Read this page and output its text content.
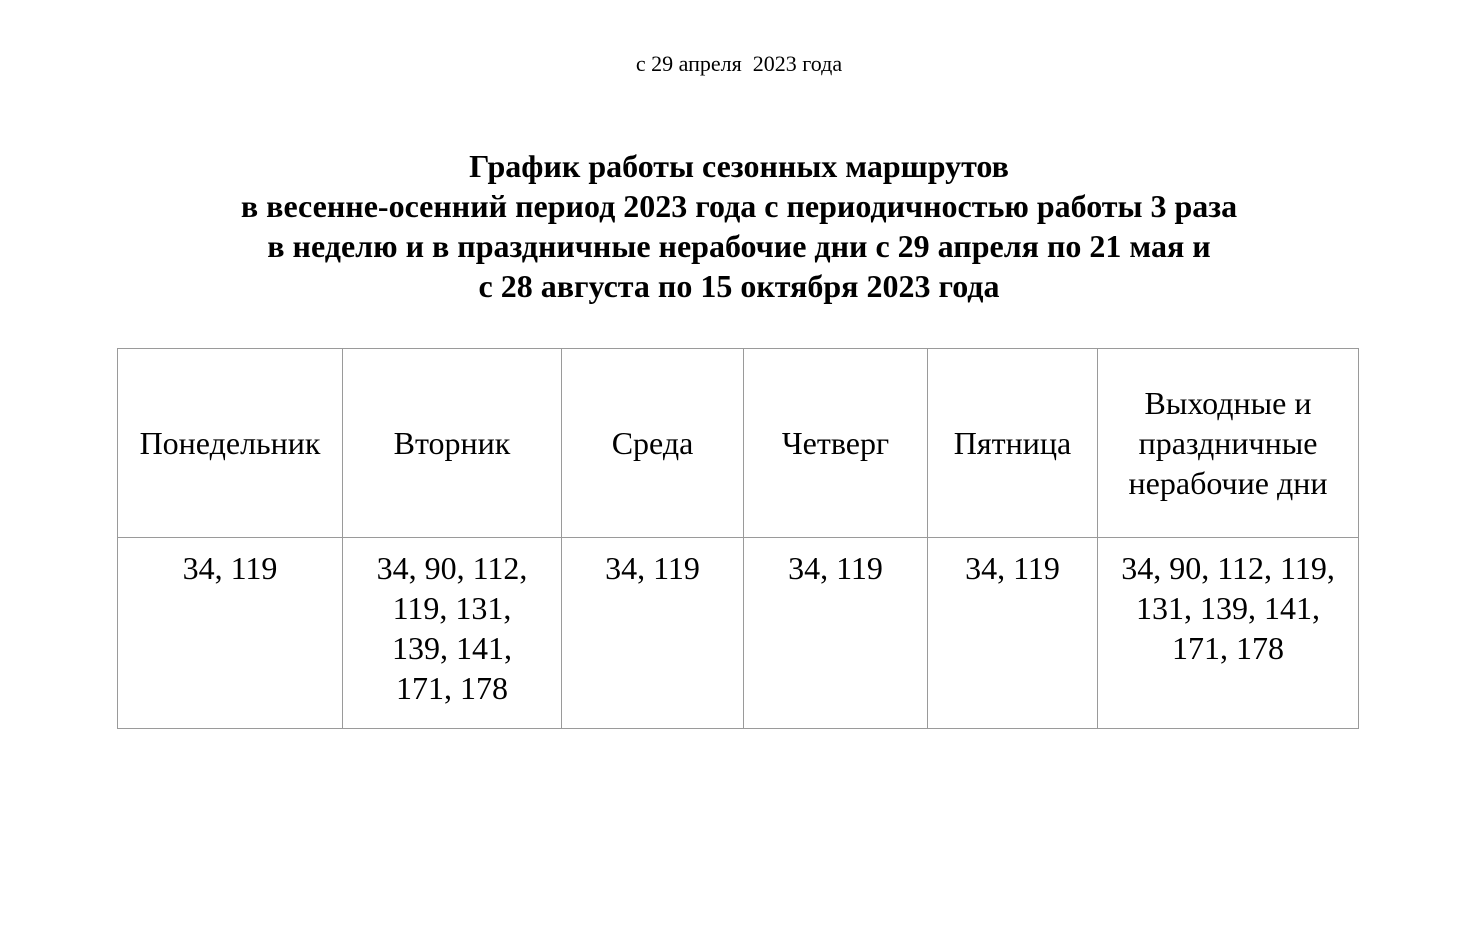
с 29 апреля  2023 года
График работы сезонных маршрутов
в весенне-осенний период 2023 года с периодичностью работы 3 раза
в неделю и в праздничные нерабочие дни с 29 апреля по 21 мая и
с 28 августа по 15 октября 2023 года
Понедельник	Вторник	Среда	Четверг	Пятница	Выходные и праздничные нерабочие дни
34, 119	34, 90, 112, 119, 131, 139, 141, 171, 178	34, 119	34, 119	34, 119	34, 90, 112, 119, 131, 139, 141, 171, 178
